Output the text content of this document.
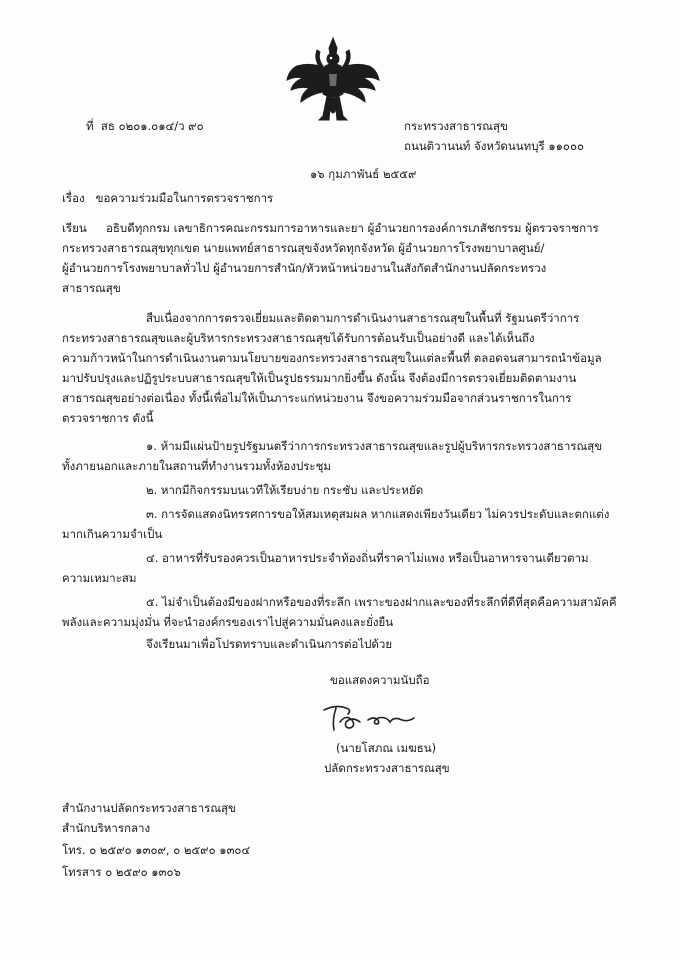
ที่ สธ ๐๒๐๑.๐๑๔/ว ๙๐	กระทรวงสาธารณสุข
ถนนติวานนท์ จังหวัดนนทบุรี ๑๑๐๐๐
๑๖ กุมภาพันธ์ ๒๕๕๙
เรื่อง ขอความร่วมมือในการตรวจราชการ
เรียน อธิบดีทุกกรม เลขาธิการคณะกรรมการอาหารและยา ผู้อำนวยการองค์การเภสัชกรรม ผู้ตรวจราชการ
กระทรวงสาธารณสุขทุกเขต นายแพทย์สาธารณสุขจังหวัดทุกจังหวัด ผู้อำนวยการโรงพยาบาลศูนย์/
ผู้อำนวยการโรงพยาบาลทั่วไป ผู้อำนวยการสำนัก/หัวหน้าหน่วยงานในสังกัดสำนักงานปลัดกระทรวง
สาธารณสุข
สืบเนื่องจากการตรวจเยี่ยมและติดตามการดำเนินงานสาธารณสุขในพื้นที่ รัฐมนตรีว่าการ
กระทรวงสาธารณสุขและผู้บริหารกระทรวงสาธารณสุขได้รับการต้อนรับเป็นอย่างดี และได้เห็นถึง
ความก้าวหน้าในการดำเนินงานตามนโยบายของกระทรวงสาธารณสุขในแต่ละพื้นที่ ตลอดจนสามารถนำข้อมูล
มาปรับปรุงและปฏิรูประบบสาธารณสุขให้เป็นรูปธรรมมากยิ่งขึ้น ดังนั้น จึงต้องมีการตรวจเยี่ยมติดตามงาน
สาธารณสุขอย่างต่อเนื่อง ทั้งนี้เพื่อไม่ให้เป็นภาระแก่หน่วยงาน จึงขอความร่วมมือจากส่วนราชการในการ
ตรวจราชการ ดังนี้
๑. ห้ามมีแผ่นป้ายรูปรัฐมนตรีว่าการกระทรวงสาธารณสุขและรูปผู้บริหารกระทรวงสาธารณสุข
ทั้งภายนอกและภายในสถานที่ทำงานรวมทั้งห้องประชุม
๒. หากมีกิจกรรมบนเวทีให้เรียบง่าย กระชับ และประหยัด
๓. การจัดแสดงนิทรรศการขอให้สมเหตุสมผล หากแสดงเพียงวันเดียว ไม่ควรประดับและตกแต่ง
มากเกินความจำเป็น
๔. อาหารที่รับรองควรเป็นอาหารประจำท้องถิ่นที่ราคาไม่แพง หรือเป็นอาหารจานเดียวตาม
ความเหมาะสม
๕. ไม่จำเป็นต้องมีของฝากหรือของที่ระลึก เพราะของฝากและของที่ระลึกที่ดีที่สุดคือความสามัคคี
พลังและความมุ่งมั่น ที่จะนำองค์กรของเราไปสู่ความมั่นคงและยั่งยืน
จึงเรียนมาเพื่อโปรดทราบและดำเนินการต่อไปด้วย
ขอแสดงความนับถือ
(นายโสภณ เมฆธน)
ปลัดกระทรวงสาธารณสุข
สำนักงานปลัดกระทรวงสาธารณสุข
สำนักบริหารกลาง
โทร. ๐ ๒๕๙๐ ๑๓๐๙, ๐ ๒๕๙๐ ๑๓๐๔
โทรสาร ๐ ๒๕๙๐ ๑๓๐๖
